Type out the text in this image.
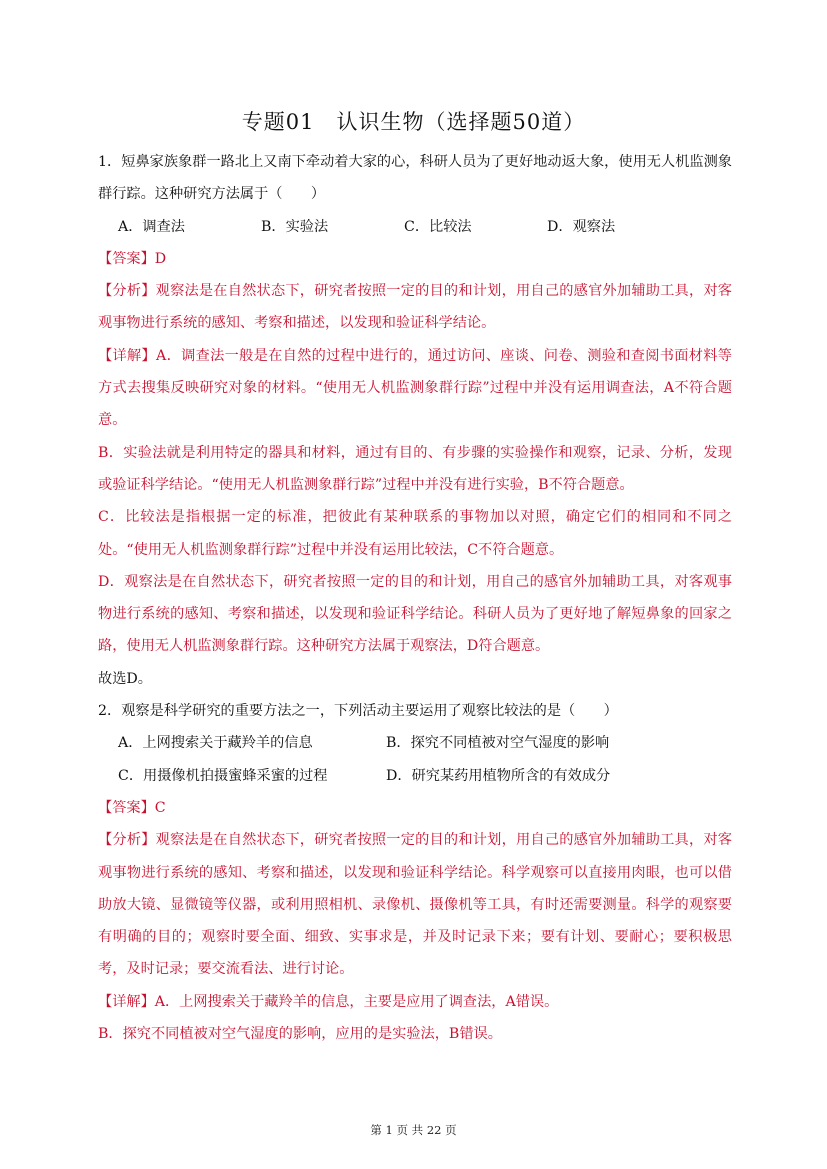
专题01　认识生物（选择题50道）

1．短鼻家族象群一路北上又南下牵动着大家的心，科研人员为了更好地动返大象，使用无人机监测象群行踪。这种研究方法属于（　　）

A．调查法	B．实验法	C．比较法	D．观察法

【答案】D

【分析】观察法是在自然状态下，研究者按照一定的目的和计划，用自己的感官外加辅助工具，对客观事物进行系统的感知、考察和描述，以发现和验证科学结论。

【详解】A．调查法一般是在自然的过程中进行的，通过访问、座谈、问卷、测验和查阅书面材料等方式去搜集反映研究对象的材料。“使用无人机监测象群行踪”过程中并没有运用调查法，A不符合题意。

B．实验法就是利用特定的器具和材料，通过有目的、有步骤的实验操作和观察，记录、分析，发现或验证科学结论。“使用无人机监测象群行踪”过程中并没有进行实验，B不符合题意。

C．比较法是指根据一定的标准，把彼此有某种联系的事物加以对照，确定它们的相同和不同之处。“使用无人机监测象群行踪”过程中并没有运用比较法，C不符合题意。

D．观察法是在自然状态下，研究者按照一定的目的和计划，用自己的感官外加辅助工具，对客观事物进行系统的感知、考察和描述，以发现和验证科学结论。科研人员为了更好地了解短鼻象的回家之路，使用无人机监测象群行踪。这种研究方法属于观察法，D符合题意。

故选D。

2．观察是科学研究的重要方法之一，下列活动主要运用了观察比较法的是（　　）

A．上网搜索关于藏羚羊的信息	B．探究不同植被对空气湿度的影响
C．用摄像机拍摄蜜蜂采蜜的过程	D．研究某药用植物所含的有效成分

【答案】C

【分析】观察法是在自然状态下，研究者按照一定的目的和计划，用自己的感官外加辅助工具，对客观事物进行系统的感知、考察和描述，以发现和验证科学结论。科学观察可以直接用肉眼，也可以借助放大镜、显微镜等仪器，或利用照相机、录像机、摄像机等工具，有时还需要测量。科学的观察要有明确的目的；观察时要全面、细致、实事求是，并及时记录下来；要有计划、要耐心；要积极思考，及时记录；要交流看法、进行讨论。

【详解】A．上网搜索关于藏羚羊的信息，主要是应用了调查法，A错误。

B．探究不同植被对空气湿度的影响，应用的是实验法，B错误。

第 1 页 共 22 页
